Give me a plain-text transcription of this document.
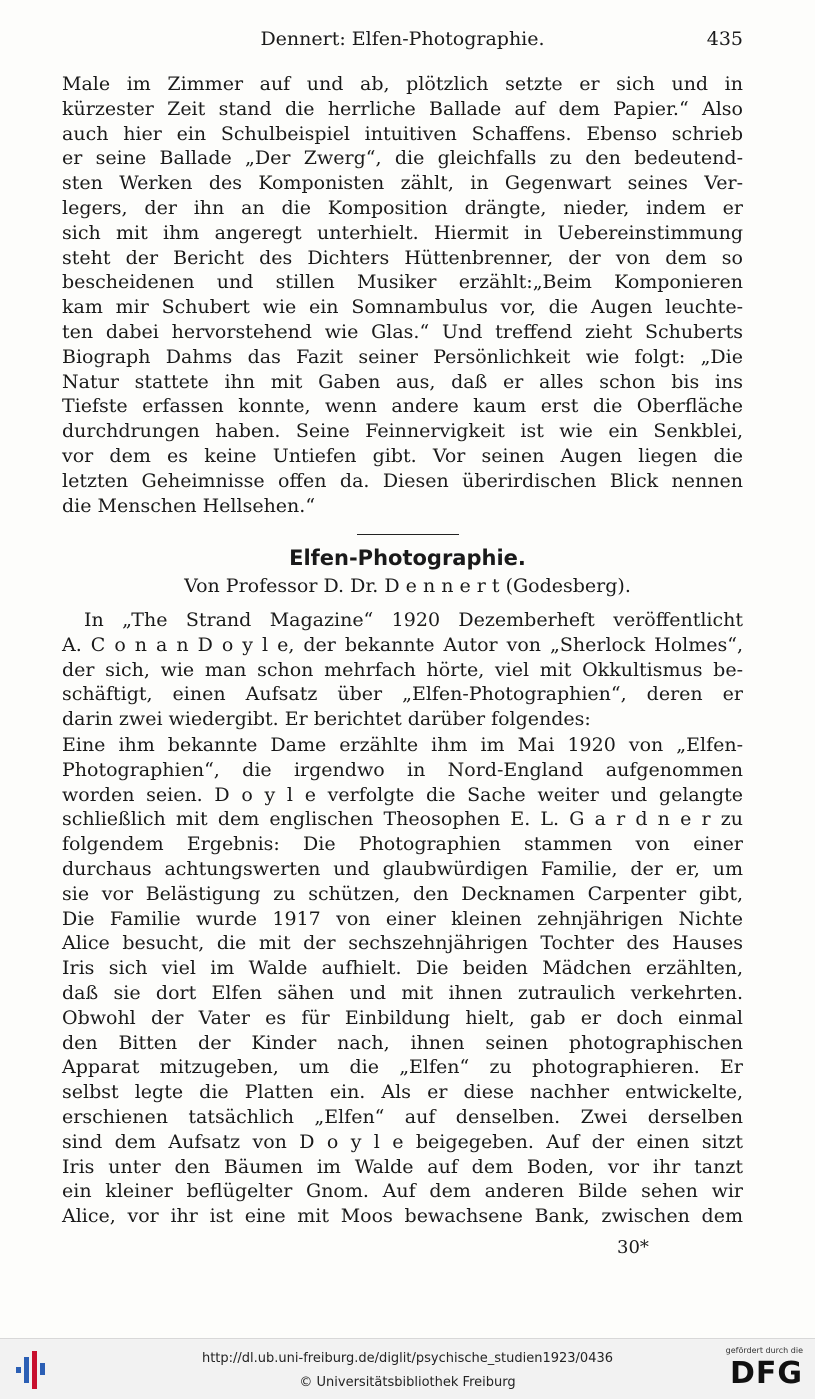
Dennert: Elfen-Photographie.	435
Male im Zimmer auf und ab, plötzlich setzte er sich und in
kürzester Zeit stand die herrliche Ballade auf dem Papier.“ Also
auch hier ein Schulbeispiel intuitiven Schaffens. Ebenso schrieb
er seine Ballade „Der Zwerg“, die gleichfalls zu den bedeutend-
sten Werken des Komponisten zählt, in Gegenwart seines Ver-
legers, der ihn an die Komposition drängte, nieder, indem er
sich mit ihm angeregt unterhielt. Hiermit in Uebereinstimmung
steht der Bericht des Dichters Hüttenbrenner, der von dem so
bescheidenen und stillen Musiker erzählt:„Beim Komponieren
kam mir Schubert wie ein Somnambulus vor, die Augen leuchte-
ten dabei hervorstehend wie Glas.“ Und treffend zieht Schuberts
Biograph Dahms das Fazit seiner Persönlichkeit wie folgt: „Die
Natur stattete ihn mit Gaben aus, daß er alles schon bis ins
Tiefste erfassen konnte, wenn andere kaum erst die Oberfläche
durchdrungen haben. Seine Feinnervigkeit ist wie ein Senkblei,
vor dem es keine Untiefen gibt. Vor seinen Augen liegen die
letzten Geheimnisse offen da. Diesen überirdischen Blick nennen
die Menschen Hellsehen.“
Elfen-Photographie.
Von Professor D. Dr. D e n n e r t (Godesberg).
In „The Strand Magazine“ 1920 Dezemberheft veröffentlicht
A. C o n a n D o y l e, der bekannte Autor von „Sherlock Holmes“,
der sich, wie man schon mehrfach hörte, viel mit Okkultismus be-
schäftigt, einen Aufsatz über „Elfen-Photographien“, deren er
darin zwei wiedergibt. Er berichtet darüber folgendes:
Eine ihm bekannte Dame erzählte ihm im Mai 1920 von „Elfen-
Photographien“, die irgendwo in Nord-England aufgenommen
worden seien. D o y l e verfolgte die Sache weiter und gelangte
schließlich mit dem englischen Theosophen E. L. G a r d n e r zu
folgendem Ergebnis: Die Photographien stammen von einer
durchaus achtungswerten und glaubwürdigen Familie, der er, um
sie vor Belästigung zu schützen, den Decknamen Carpenter gibt,
Die Familie wurde 1917 von einer kleinen zehnjährigen Nichte
Alice besucht, die mit der sechszehnjährigen Tochter des Hauses
Iris sich viel im Walde aufhielt. Die beiden Mädchen erzählten,
daß sie dort Elfen sähen und mit ihnen zutraulich verkehrten.
Obwohl der Vater es für Einbildung hielt, gab er doch einmal
den Bitten der Kinder nach, ihnen seinen photographischen
Apparat mitzugeben, um die „Elfen“ zu photographieren. Er
selbst legte die Platten ein. Als er diese nachher entwickelte,
erschienen tatsächlich „Elfen“ auf denselben. Zwei derselben
sind dem Aufsatz von D o y l e beigegeben. Auf der einen sitzt
Iris unter den Bäumen im Walde auf dem Boden, vor ihr tanzt
ein kleiner beflügelter Gnom. Auf dem anderen Bilde sehen wir
Alice, vor ihr ist eine mit Moos bewachsene Bank, zwischen dem
30*
http://dl.ub.uni-freiburg.de/diglit/psychische_studien1923/0436
© Universitätsbibliothek Freiburg
gefördert durch die
DFG
